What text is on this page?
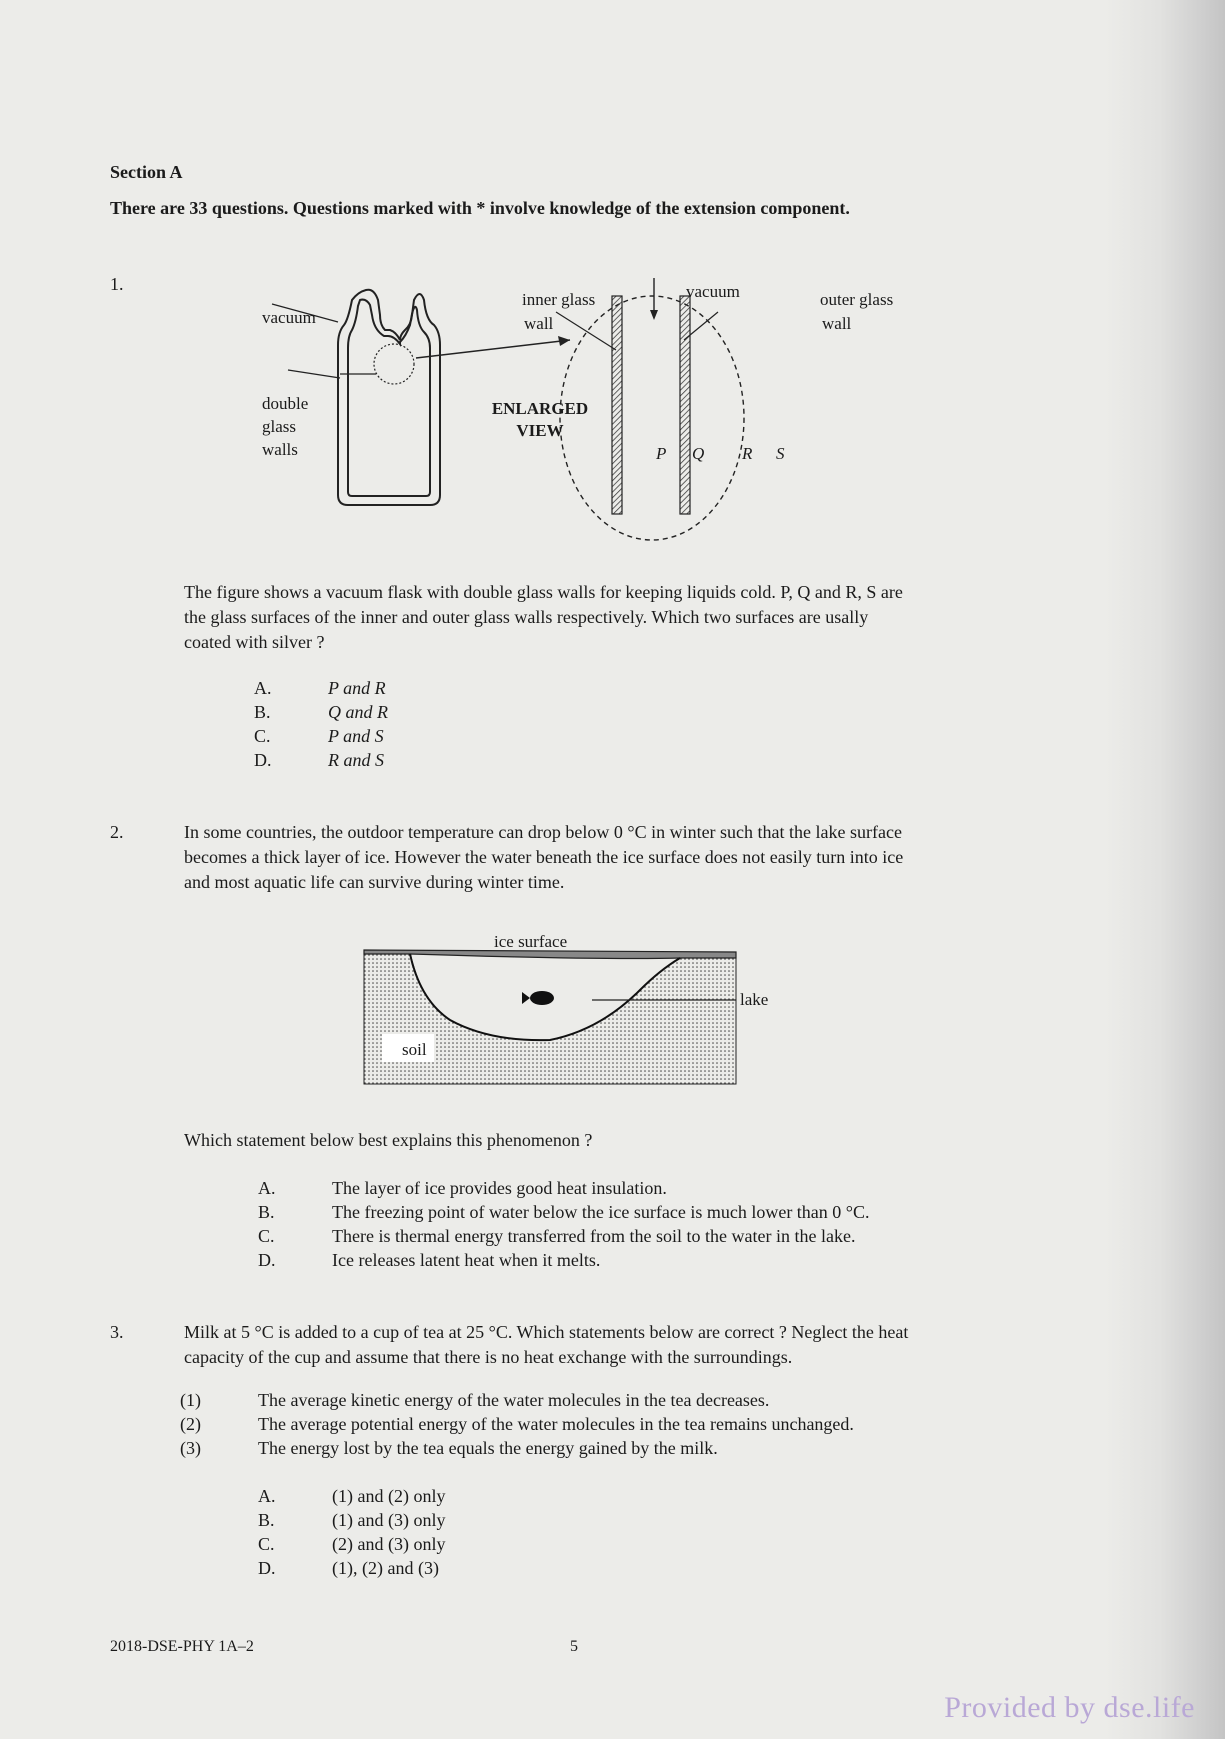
Section A
There are 33 questions. Questions marked with * involve knowledge of the extension component.
1.
vacuum
double
glass
walls
ENLARGED
VIEW
inner glass
wall
vacuum	outer glass
wall
P Q R S
The figure shows a vacuum flask with double glass walls for keeping liquids cold. P, Q and R, S are
the glass surfaces of the inner and outer glass walls respectively. Which two surfaces are usally
coated with silver ?
A.	P and R
B.	Q and R
C.	P and S
D.	R and S
2.	In some countries, the outdoor temperature can drop below 0 °C in winter such that the lake surface
becomes a thick layer of ice. However the water beneath the ice surface does not easily turn into ice
and most aquatic life can survive during winter time.
ice surface
lake
soil
Which statement below best explains this phenomenon ?
A.	The layer of ice provides good heat insulation.
B.	The freezing point of water below the ice surface is much lower than 0 °C.
C.	There is thermal energy transferred from the soil to the water in the lake.
D.	Ice releases latent heat when it melts.
3.	Milk at 5 °C is added to a cup of tea at 25 °C. Which statements below are correct ? Neglect the heat
capacity of the cup and assume that there is no heat exchange with the surroundings.
(1)	The average kinetic energy of the water molecules in the tea decreases.
(2)	The average potential energy of the water molecules in the tea remains unchanged.
(3)	The energy lost by the tea equals the energy gained by the milk.
A.	(1) and (2) only
B.	(1) and (3) only
C.	(2) and (3) only
D.	(1), (2) and (3)
2018-DSE-PHY 1A–2	5
Provided by dse.life
